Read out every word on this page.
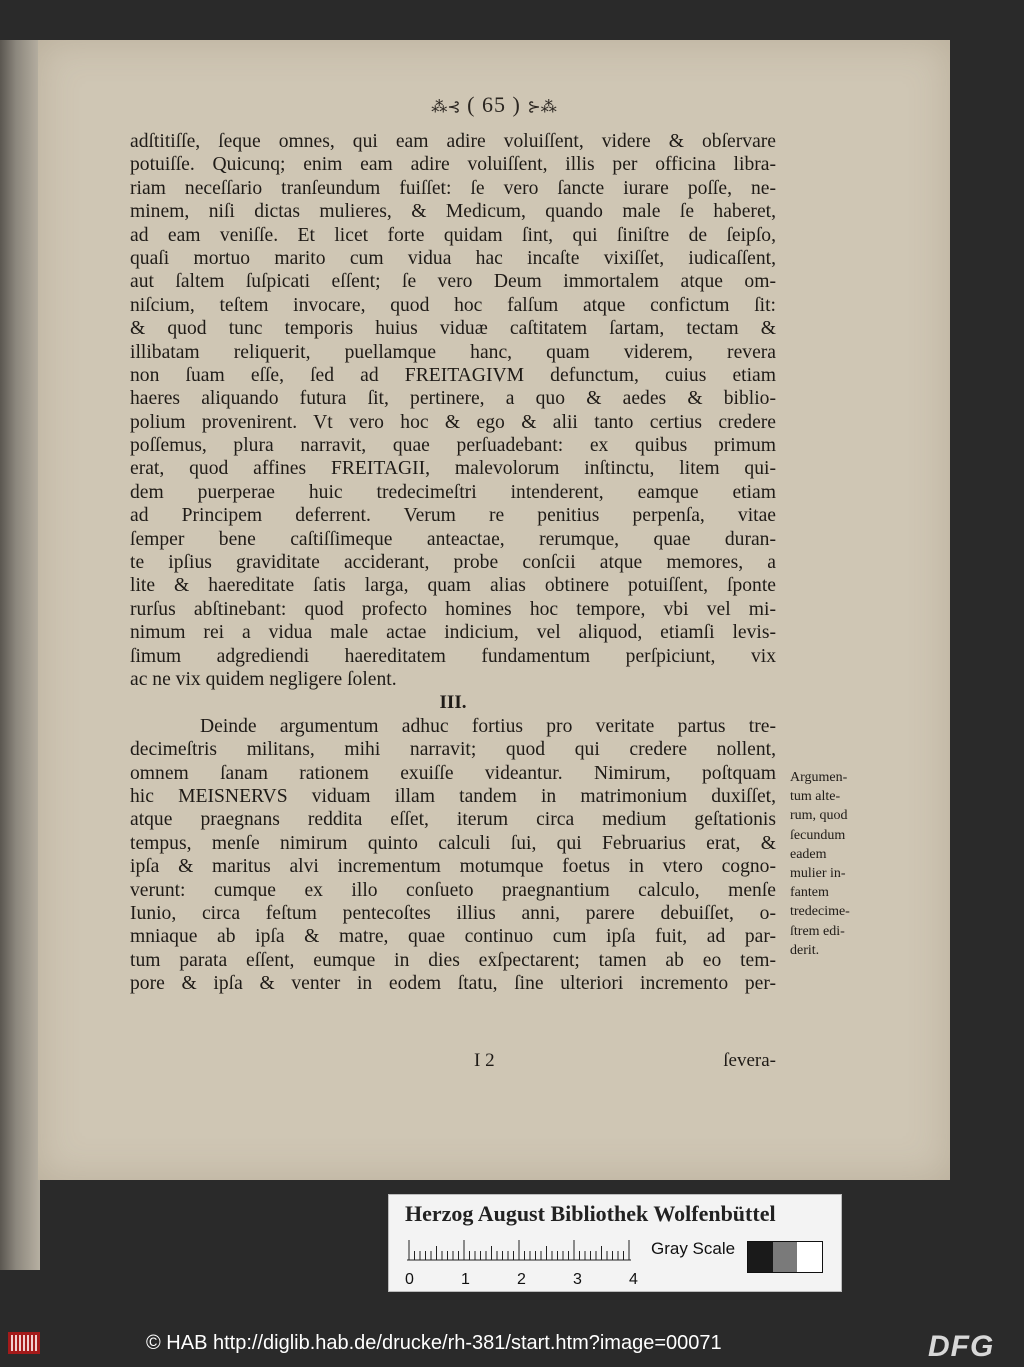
⁂⊰ ( 65 ) ⊱⁂
adſtitiſſe, ſeque omnes, qui eam adire voluiſſent, videre & obſervare
potuiſſe. Quicunq; enim eam adire voluiſſent, illis per officina libra-
riam neceſſario tranſeundum fuiſſet: ſe vero ſancte iurare poſſe, ne-
minem, niſi dictas mulieres, & Medicum, quando male ſe haberet,
ad eam veniſſe. Et licet forte quidam ſint, qui ſiniſtre de ſeipſo,
quaſi mortuo marito cum vidua hac incaſte vixiſſet, iudicaſſent,
aut ſaltem ſuſpicati eſſent; ſe vero Deum immortalem atque om-
niſcium, teſtem invocare, quod hoc falſum atque confictum ſit:
& quod tunc temporis huius viduæ caſtitatem ſartam, tectam &
illibatam reliquerit, puellamque hanc, quam viderem, revera
non ſuam eſſe, ſed ad FREITAGIVM defunctum, cuius etiam
haeres aliquando futura ſit, pertinere, a quo & aedes & biblio-
polium provenirent. Vt vero hoc & ego & alii tanto certius credere
poſſemus, plura narravit, quae perſuadebant: ex quibus primum
erat, quod affines FREITAGII, malevolorum inſtinctu, litem qui-
dem puerperae huic tredecimeſtri intenderent, eamque etiam
ad Principem deferrent. Verum re penitius perpenſa, vitae
ſemper bene caſtiſſimeque anteactae, rerumque, quae duran-
te ipſius graviditate acciderant, probe conſcii atque memores, a
lite & haereditate ſatis larga, quam alias obtinere potuiſſent, ſponte
rurſus abſtinebant: quod profecto homines hoc tempore, vbi vel mi-
nimum rei a vidua male actae indicium, vel aliquod, etiamſi levis-
ſimum adgrediendi haereditatem fundamentum perſpiciunt, vix
ac ne vix quidem negligere ſolent.
III.
Deinde argumentum adhuc fortius pro veritate partus tre-
decimeſtris militans, mihi narravit; quod qui credere nollent,
omnem ſanam rationem exuiſſe videantur. Nimirum, poſtquam
hic MEISNERVS viduam illam tandem in matrimonium duxiſſet,
atque praegnans reddita eſſet, iterum circa medium geſtationis
tempus, menſe nimirum quinto calculi ſui, qui Februarius erat, &
ipſa & maritus alvi incrementum motumque foetus in vtero cogno-
verunt: cumque ex illo conſueto praegnantium calculo, menſe
Iunio, circa feſtum pentecoſtes illius anni, parere debuiſſet, o-
mniaque ab ipſa & matre, quae continuo cum ipſa fuit, ad par-
tum parata eſſent, eumque in dies exſpectarent; tamen ab eo tem-
pore & ipſa & venter in eodem ſtatu, ſine ulteriori incremento per-
Argumen-
tum alte-
rum, quod
ſecundum
eadem
mulier in-
fantem
tredecime-
ſtrem edi-
derit.
I 2	ſevera-
Herzog August Bibliothek Wolfenbüttel
0	1	2	3	4
Gray Scale
© HAB http://diglib.hab.de/drucke/rh-381/start.htm?image=00071	DFG
